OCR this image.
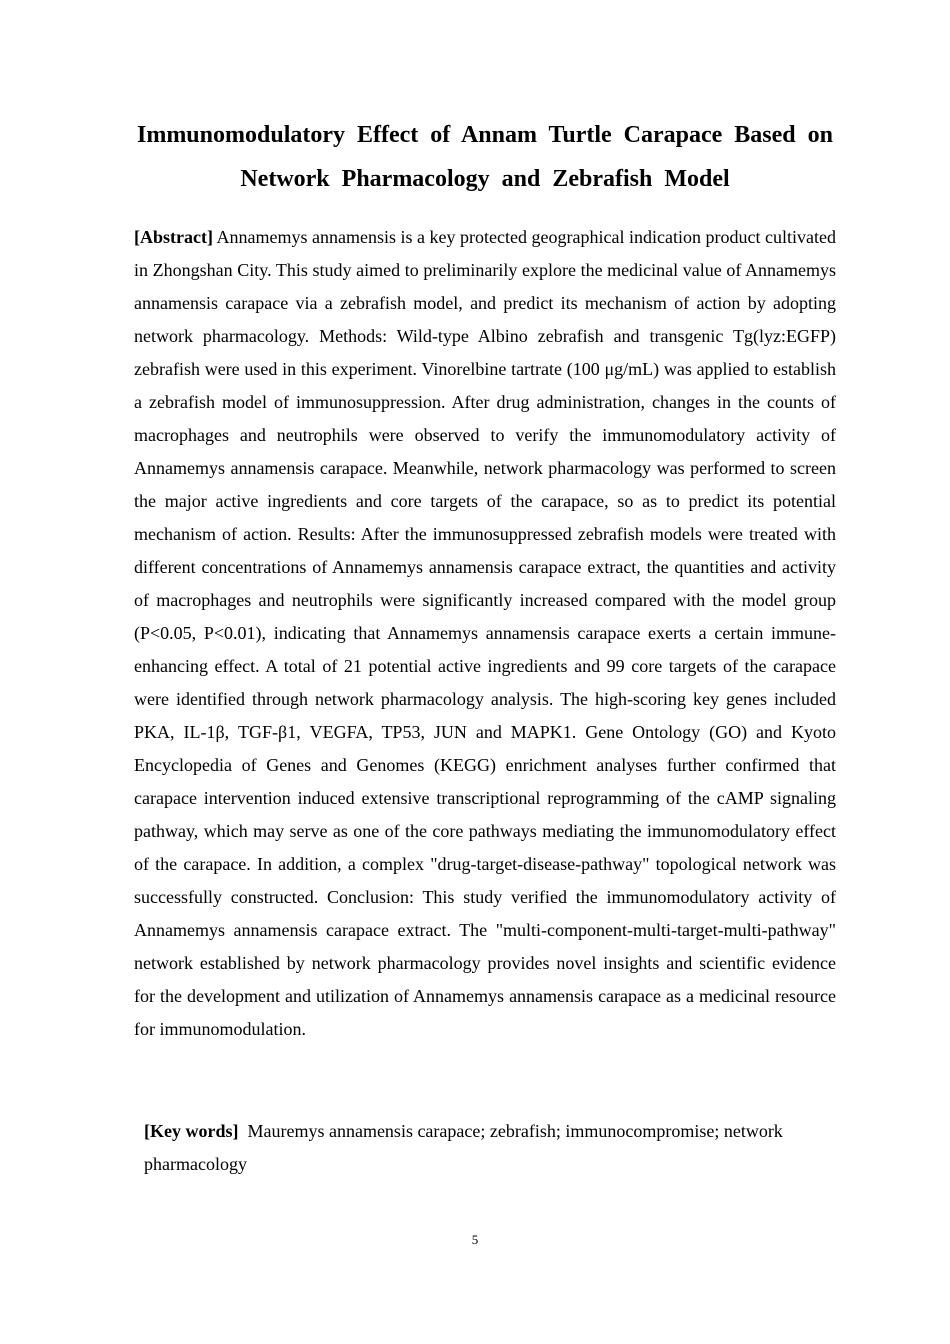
Immunomodulatory Effect of Annam Turtle Carapace Based on Network Pharmacology and Zebrafish Model

[Abstract] Annamemys annamensis is a key protected geographical indication product cultivated in Zhongshan City. This study aimed to preliminarily explore the medicinal value of Annamemys annamensis carapace via a zebrafish model, and predict its mechanism of action by adopting network pharmacology. Methods: Wild-type Albino zebrafish and transgenic Tg(lyz:EGFP) zebrafish were used in this experiment. Vinorelbine tartrate (100 μg/mL) was applied to establish a zebrafish model of immunosuppression. After drug administration, changes in the counts of macrophages and neutrophils were observed to verify the immunomodulatory activity of Annamemys annamensis carapace. Meanwhile, network pharmacology was performed to screen the major active ingredients and core targets of the carapace, so as to predict its potential mechanism of action. Results: After the immunosuppressed zebrafish models were treated with different concentrations of Annamemys annamensis carapace extract, the quantities and activity of macrophages and neutrophils were significantly increased compared with the model group (P<0.05, P<0.01), indicating that Annamemys annamensis carapace exerts a certain immune-enhancing effect. A total of 21 potential active ingredients and 99 core targets of the carapace were identified through network pharmacology analysis. The high-scoring key genes included PKA, IL-1β, TGF-β1, VEGFA, TP53, JUN and MAPK1. Gene Ontology (GO) and Kyoto Encyclopedia of Genes and Genomes (KEGG) enrichment analyses further confirmed that carapace intervention induced extensive transcriptional reprogramming of the cAMP signaling pathway, which may serve as one of the core pathways mediating the immunomodulatory effect of the carapace. In addition, a complex "drug-target-disease-pathway" topological network was successfully constructed. Conclusion: This study verified the immunomodulatory activity of Annamemys annamensis carapace extract. The "multi-component-multi-target-multi-pathway" network established by network pharmacology provides novel insights and scientific evidence for the development and utilization of Annamemys annamensis carapace as a medicinal resource for immunomodulation.

[Key words] Mauremys annamensis carapace; zebrafish; immunocompromise; network pharmacology

5
